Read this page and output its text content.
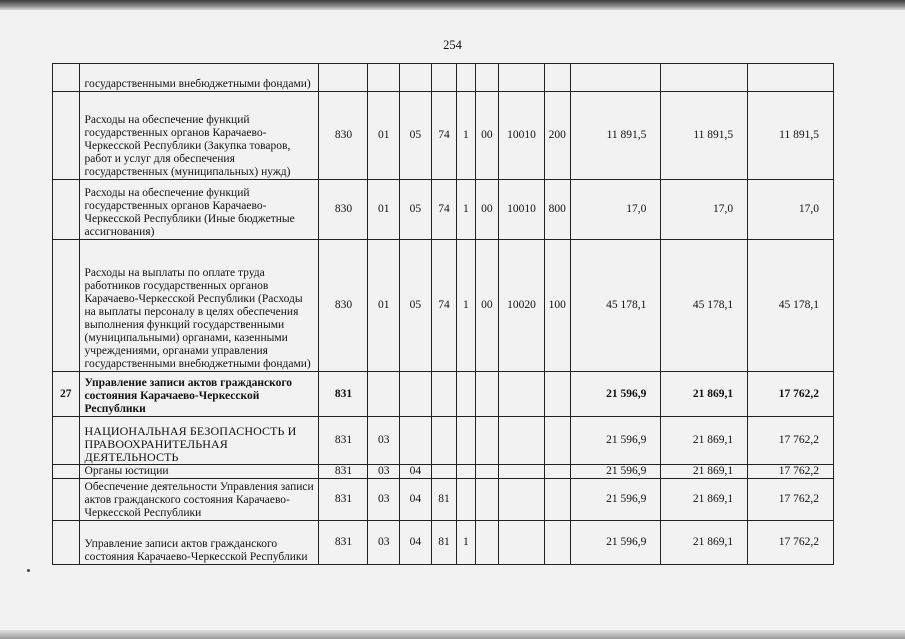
254
	государственными внебюджетными фондами)											
	Расходы на обеспечение функций государственных органов Карачаево-Черкесской Республики (Закупка товаров, работ и услуг для обеспечения государственных (муниципальных) нужд)	830	01	05	74	1	00	10010	200	11 891,5	11 891,5	11 891,5
	Расходы на обеспечение функций государственных органов Карачаево-Черкесской Республики (Иные бюджетные ассигнования)	830	01	05	74	1	00	10010	800	17,0	17,0	17,0
	Расходы на выплаты по оплате труда работников государственных органов Карачаево-Черкесской Республики (Расходы на выплаты персоналу в целях обеспечения выполнения функций государственными (муниципальными) органами, казенными учреждениями, органами управления государственными внебюджетными фондами)	830	01	05	74	1	00	10020	100	45 178,1	45 178,1	45 178,1
27	Управление записи актов гражданского состояния Карачаево-Черкесской Республики	831								21 596,9	21 869,1	17 762,2
	НАЦИОНАЛЬНАЯ БЕЗОПАСНОСТЬ И ПРАВООХРАНИТЕЛЬНАЯ ДЕЯТЕЛЬНОСТЬ	831	03							21 596,9	21 869,1	17 762,2
	Органы юстиции	831	03	04						21 596,9	21 869,1	17 762,2
	Обеспечение деятельности Управления записи актов гражданского состояния Карачаево-Черкесской Республики	831	03	04	81					21 596,9	21 869,1	17 762,2
	Управление записи актов гражданского состояния Карачаево-Черкесской Республики	831	03	04	81	1				21 596,9	21 869,1	17 762,2
